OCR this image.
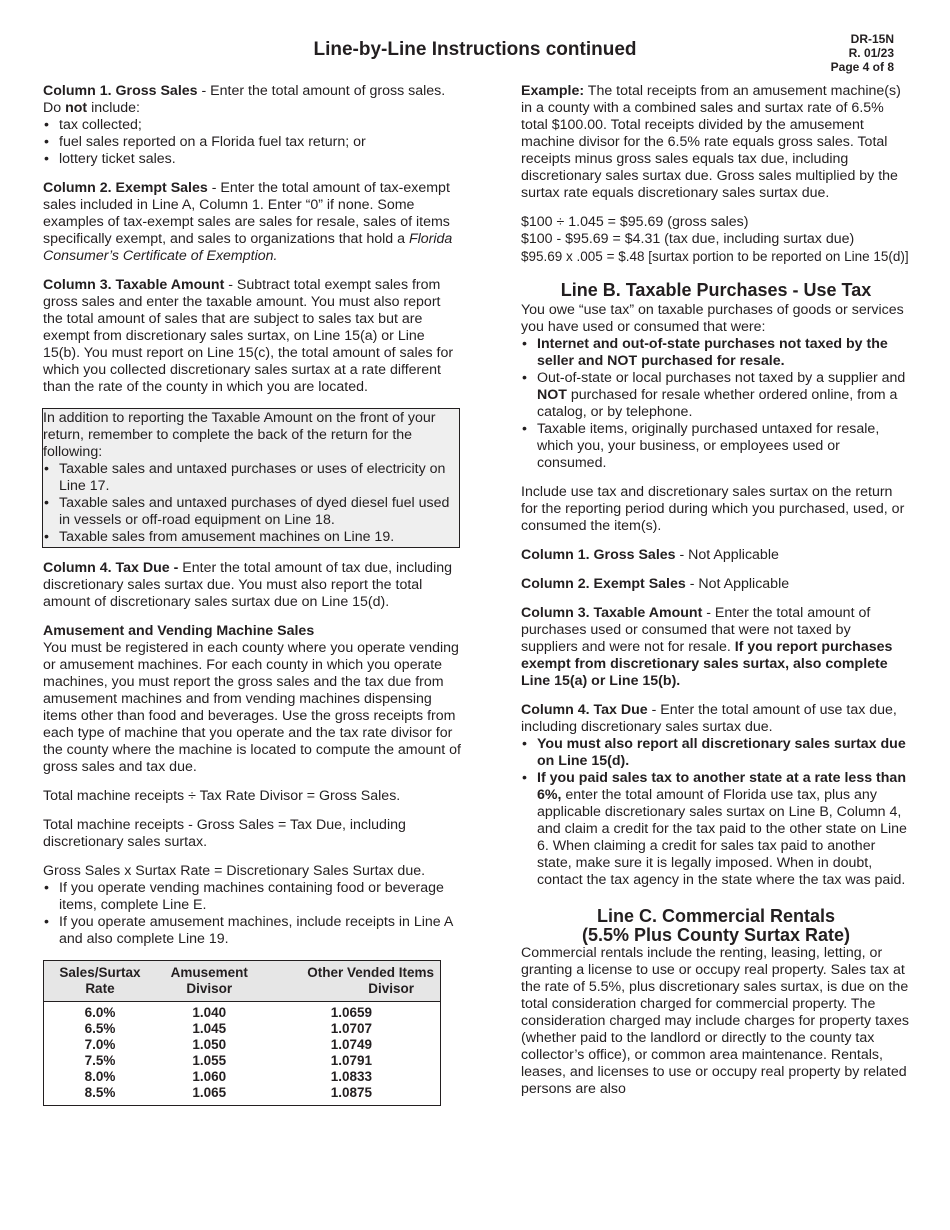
Line-by-Line Instructions continued	DR-15N
R. 01/23
Page 4 of 8

Column 1. Gross Sales - Enter the total amount of gross sales. Do not include:

• tax collected;
• fuel sales reported on a Florida fuel tax return; or
• lottery ticket sales.

Column 2. Exempt Sales - Enter the total amount of tax-exempt sales included in Line A, Column 1. Enter “0” if none. Some examples of tax-exempt sales are sales for resale, sales of items specifically exempt, and sales to organizations that hold a Florida Consumer’s Certificate of Exemption.

Column 3. Taxable Amount - Subtract total exempt sales from gross sales and enter the taxable amount. You must also report the total amount of sales that are subject to sales tax but are exempt from discretionary sales surtax, on Line 15(a) or Line 15(b). You must report on Line 15(c), the total amount of sales for which you collected discretionary sales surtax at a rate different than the rate of the county in which you are located.

In addition to reporting the Taxable Amount on the front of your return, remember to complete the back of the return for the following:

• Taxable sales and untaxed purchases or uses of electricity on Line 17.
• Taxable sales and untaxed purchases of dyed diesel fuel used in vessels or off-road equipment on Line 18.
• Taxable sales from amusement machines on Line 19.

Column 4. Tax Due - Enter the total amount of tax due, including discretionary sales surtax due. You must also report the total amount of discretionary sales surtax due on Line 15(d).

Amusement and Vending Machine Sales
You must be registered in each county where you operate vending or amusement machines. For each county in which you operate machines, you must report the gross sales and the tax due from amusement machines and from vending machines dispensing items other than food and beverages. Use the gross receipts from each type of machine that you operate and the tax rate divisor for the county where the machine is located to compute the amount of gross sales and tax due.

Total machine receipts ÷ Tax Rate Divisor = Gross Sales.

Total machine receipts - Gross Sales = Tax Due, including discretionary sales surtax.

Gross Sales x Surtax Rate = Discretionary Sales Surtax due.

• If you operate vending machines containing food or beverage items, complete Line E.
• If you operate amusement machines, include receipts in Line A and also complete Line 19.
Sales/Surtax
Rate	Amusement
Divisor	Other Vended Items
Divisor
6.0%	1.040	1.0659
6.5%	1.045	1.0707
7.0%	1.050	1.0749
7.5%	1.055	1.0791
8.0%	1.060	1.0833
8.5%	1.065	1.0875

Example: The total receipts from an amusement machine(s) in a county with a combined sales and surtax rate of 6.5% total $100.00. Total receipts divided by the amusement machine divisor for the 6.5% rate equals gross sales. Total receipts minus gross sales equals tax due, including discretionary sales surtax due. Gross sales multiplied by the surtax rate equals discretionary sales surtax due.

$100 ÷ 1.045 = $95.69 (gross sales)
$100 - $95.69 = $4.31 (tax due, including surtax due)
$95.69 x .005 = $.48 [surtax portion to be reported on Line 15(d)]

Line B. Taxable Purchases - Use Tax

You owe “use tax” on taxable purchases of goods or services you have used or consumed that were:

• Internet and out-of-state purchases not taxed by the seller and NOT purchased for resale.
• Out-of-state or local purchases not taxed by a supplier and NOT purchased for resale whether ordered online, from a catalog, or by telephone.
• Taxable items, originally purchased untaxed for resale, which you, your business, or employees used or consumed.

Include use tax and discretionary sales surtax on the return for the reporting period during which you purchased, used, or consumed the item(s).

Column 1. Gross Sales - Not Applicable

Column 2. Exempt Sales - Not Applicable

Column 3. Taxable Amount - Enter the total amount of purchases used or consumed that were not taxed by suppliers and were not for resale. If you report purchases exempt from discretionary sales surtax, also complete Line 15(a) or Line 15(b).

Column 4. Tax Due - Enter the total amount of use tax due, including discretionary sales surtax due.

• You must also report all discretionary sales surtax due on Line 15(d).
• If you paid sales tax to another state at a rate less than 6%, enter the total amount of Florida use tax, plus any applicable discretionary sales surtax on Line B, Column 4, and claim a credit for the tax paid to the other state on Line 6. When claiming a credit for sales tax paid to another state, make sure it is legally imposed. When in doubt, contact the tax agency in the state where the tax was paid.
Line C. Commercial Rentals
(5.5% Plus County Surtax Rate)

Commercial rentals include the renting, leasing, letting, or granting a license to use or occupy real property. Sales tax at the rate of 5.5%, plus discretionary sales surtax, is due on the total consideration charged for commercial property. The consideration charged may include charges for property taxes (whether paid to the landlord or directly to the county tax collector’s office), or common area maintenance. Rentals, leases, and licenses to use or occupy real property by related persons are also
